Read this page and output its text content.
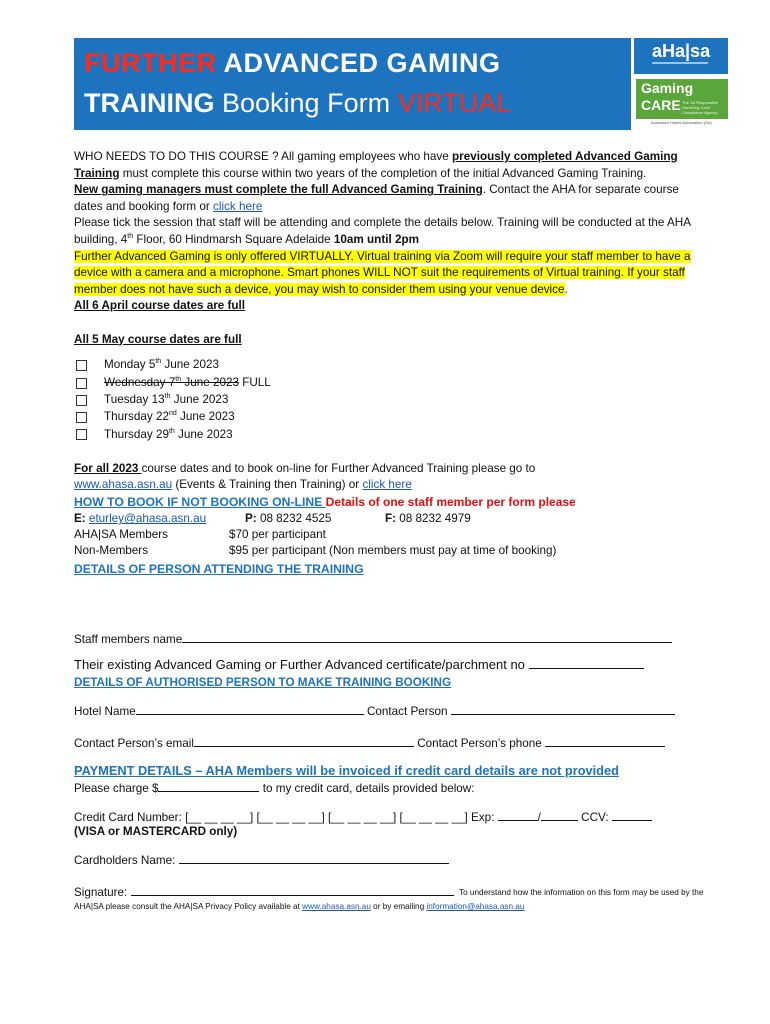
FURTHER ADVANCED GAMING
TRAINING Booking Form VIRTUAL
aHa|sa
Gaming
CARE The SA Responsible Gambling Code Compliance Agency
Australian Hotels Association (SA)

WHO NEEDS TO DO THIS COURSE ? All gaming employees who have previously completed Advanced Gaming Training must complete this course within two years of the completion of the initial Advanced Gaming Training.

New gaming managers must complete the full Advanced Gaming Training. Contact the AHA for separate course dates and booking form or click here

Please tick the session that staff will be attending and complete the details below. Training will be conducted at the AHA building, 4th Floor, 60 Hindmarsh Square Adelaide 10am until 2pm

Further Advanced Gaming is only offered VIRTUALLY. Virtual training via Zoom will require your staff member to have a device with a camera and a microphone. Smart phones WILL NOT suit the requirements of Virtual training. If your staff member does not have such a device, you may wish to consider them using your venue device.

All 6 April course dates are full

All 5 May course dates are full

Monday 5th June 2023
Wednesday 7th June 2023 FULL
Tuesday 13th June 2023
Thursday 22nd June 2023
Thursday 29th June 2023

For all 2023 course dates and to book on-line for Further Advanced Training please go to
www.ahasa.asn.au (Events & Training then Training) or click here

HOW TO BOOK IF NOT BOOKING ON-LINE Details of one staff member per form please

E: eturley@ahasa.asn.au	P: 08 8232 4525	F: 08 8232 4979
AHA|SA Members	$70 per participant
Non-Members	$95 per participant (Non members must pay at time of booking)

DETAILS OF PERSON ATTENDING THE TRAINING

Staff members name
Their existing Advanced Gaming or Further Advanced certificate/parchment no
DETAILS OF AUTHORISED PERSON TO MAKE TRAINING BOOKING
Hotel Name	Contact Person
Contact Person’s email	Contact Person’s phone
PAYMENT DETAILS – AHA Members will be invoiced if credit card details are not provided
Please charge $	to my credit card, details provided below:
Credit Card Number: [__ __ __ __] [__ __ __ __] [__ __ __ __] [__ __ __ __] Exp:	/	CCV:
(VISA or MASTERCARD only)
Cardholders Name:
Signature:	To understand how the information on this form may be used by the AHA|SA please consult the AHA|SA Privacy Policy available at www.ahasa.asn.au or by emailing information@ahasa.asn.au
